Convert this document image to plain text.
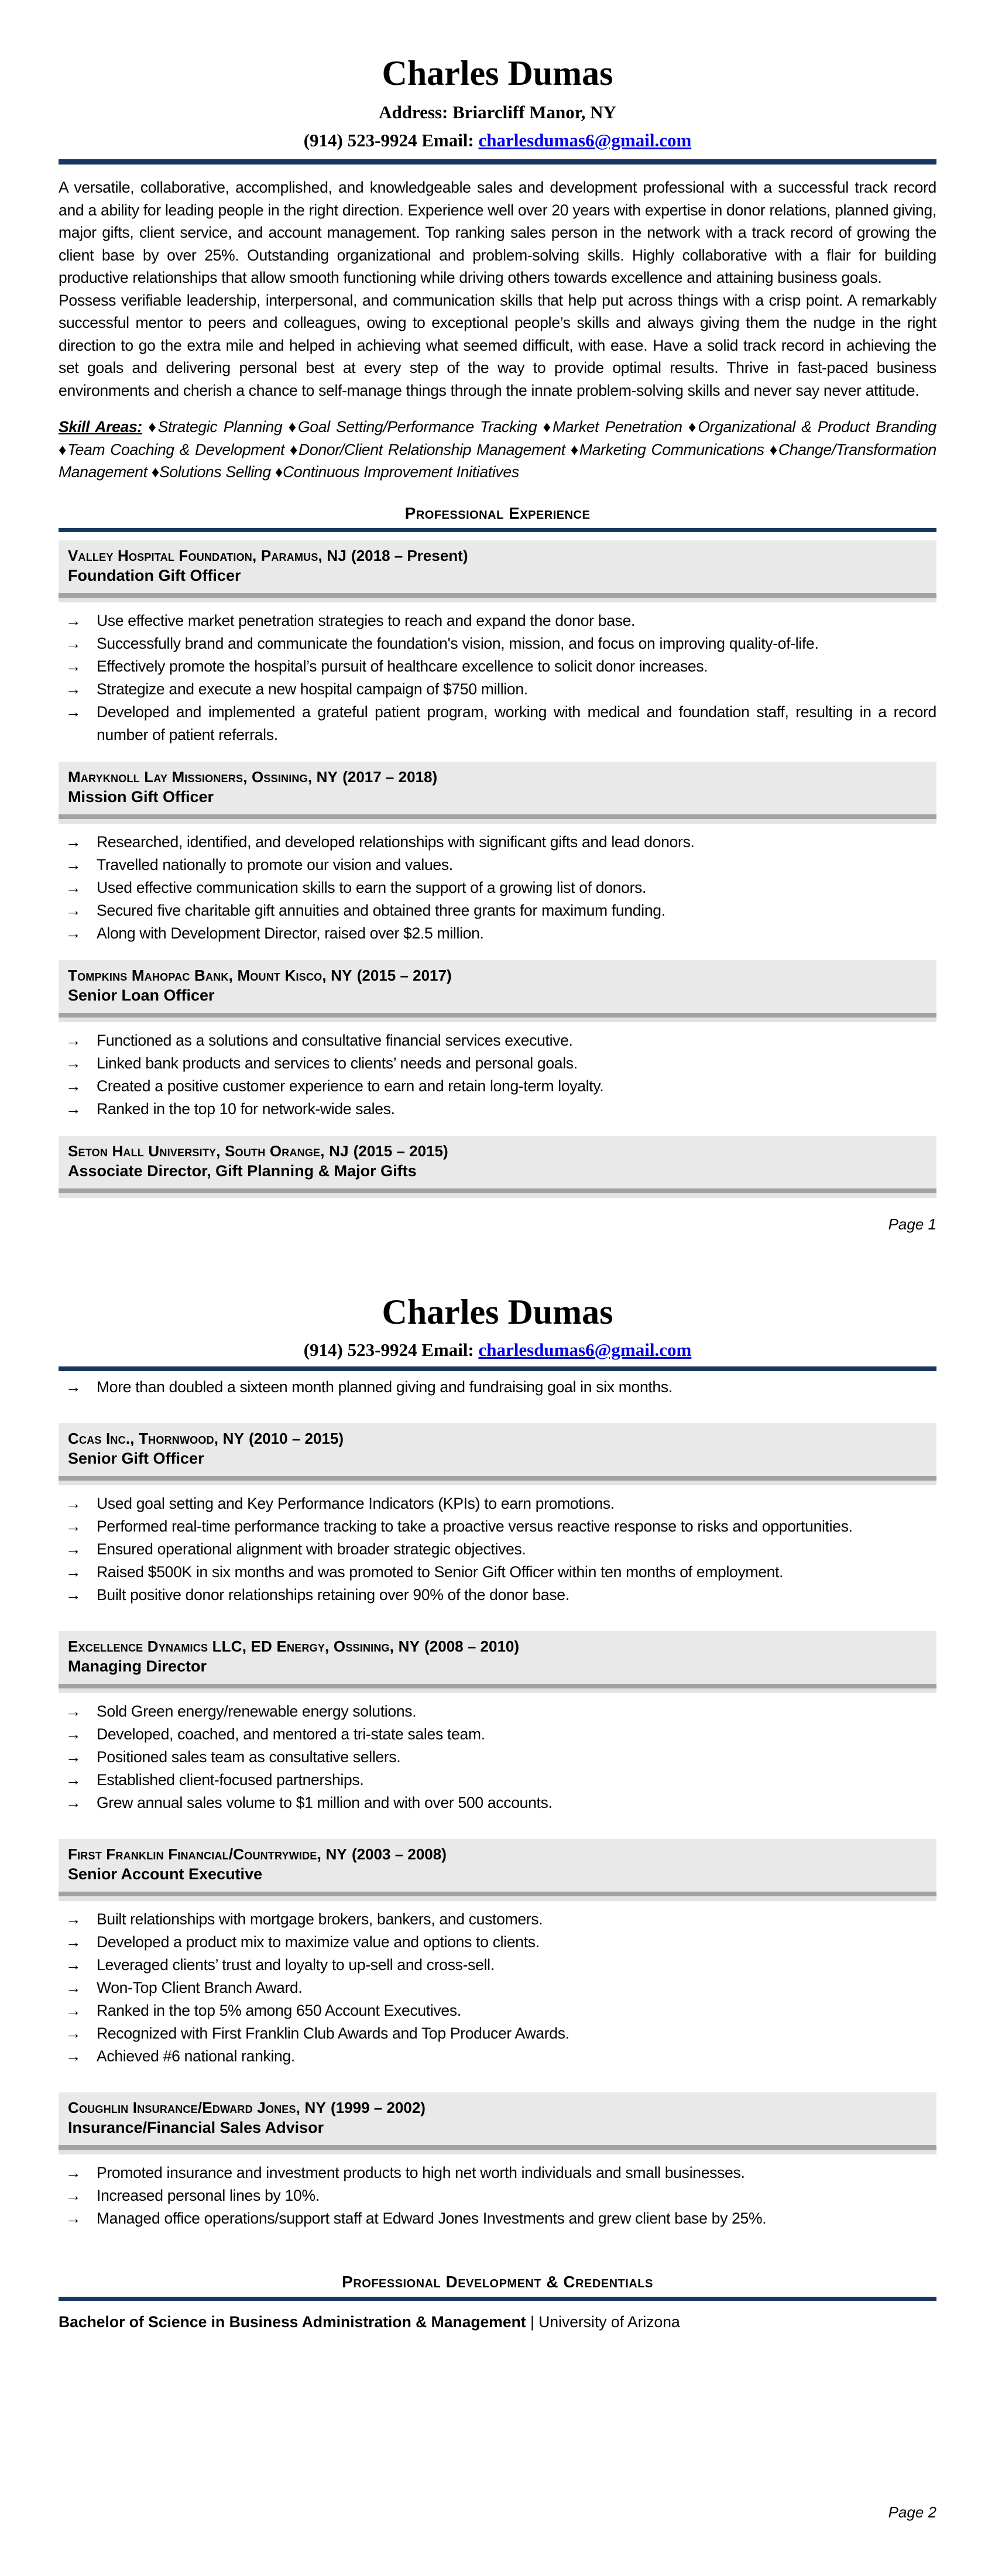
Charles Dumas
Address: Briarcliff Manor, NY
(914) 523-9924 Email: charlesdumas6@gmail.com

A versatile, collaborative, accomplished, and knowledgeable sales and development professional with a successful track record and a ability for leading people in the right direction. Experience well over 20 years with expertise in donor relations, planned giving, major gifts, client service, and account management. Top ranking sales person in the network with a track record of growing the client base by over 25%. Outstanding organizational and problem-solving skills. Highly collaborative with a flair for building productive relationships that allow smooth functioning while driving others towards excellence and attaining business goals.

Possess verifiable leadership, interpersonal, and communication skills that help put across things with a crisp point. A remarkably successful mentor to peers and colleagues, owing to exceptional people’s skills and always giving them the nudge in the right direction to go the extra mile and helped in achieving what seemed difficult, with ease. Have a solid track record in achieving the set goals and delivering personal best at every step of the way to provide optimal results. Thrive in fast-paced business environments and cherish a chance to self-manage things through the innate problem-solving skills and never say never attitude.

Skill Areas: ♦Strategic Planning ♦Goal Setting/Performance Tracking ♦Market Penetration ♦Organizational & Product Branding ♦Team Coaching & Development ♦Donor/Client Relationship Management ♦Marketing Communications ♦Change/Transformation Management ♦Solutions Selling ♦Continuous Improvement Initiatives
Professional Experience
Valley Hospital Foundation, Paramus, NJ (2018 – Present)
Foundation Gift Officer
→ Use effective market penetration strategies to reach and expand the donor base.
→ Successfully brand and communicate the foundation's vision, mission, and focus on improving quality-of-life.
→ Effectively promote the hospital’s pursuit of healthcare excellence to solicit donor increases.
→ Strategize and execute a new hospital campaign of $750 million.
→ Developed and implemented a grateful patient program, working with medical and foundation staff, resulting in a record number of patient referrals.
Maryknoll Lay Missioners, Ossining, NY (2017 – 2018)
Mission Gift Officer
→ Researched, identified, and developed relationships with significant gifts and lead donors.
→ Travelled nationally to promote our vision and values.
→ Used effective communication skills to earn the support of a growing list of donors.
→ Secured five charitable gift annuities and obtained three grants for maximum funding.
→ Along with Development Director, raised over $2.5 million.
Tompkins Mahopac Bank, Mount Kisco, NY (2015 – 2017)
Senior Loan Officer
→ Functioned as a solutions and consultative financial services executive.
→ Linked bank products and services to clients’ needs and personal goals.
→ Created a positive customer experience to earn and retain long-term loyalty.
→ Ranked in the top 10 for network-wide sales.
Seton Hall University, South Orange, NJ (2015 – 2015)
Associate Director, Gift Planning & Major Gifts
Page 1
Charles Dumas
(914) 523-9924 Email: charlesdumas6@gmail.com
→ More than doubled a sixteen month planned giving and fundraising goal in six months.
Ccas Inc., Thornwood, NY (2010 – 2015)
Senior Gift Officer
→ Used goal setting and Key Performance Indicators (KPIs) to earn promotions.
→ Performed real-time performance tracking to take a proactive versus reactive response to risks and opportunities.
→ Ensured operational alignment with broader strategic objectives.
→ Raised $500K in six months and was promoted to Senior Gift Officer within ten months of employment.
→ Built positive donor relationships retaining over 90% of the donor base.
Excellence Dynamics LLC, ED Energy, Ossining, NY (2008 – 2010)
Managing Director
→ Sold Green energy/renewable energy solutions.
→ Developed, coached, and mentored a tri-state sales team.
→ Positioned sales team as consultative sellers.
→ Established client-focused partnerships.
→ Grew annual sales volume to $1 million and with over 500 accounts.
First Franklin Financial/Countrywide, NY (2003 – 2008)
Senior Account Executive
→ Built relationships with mortgage brokers, bankers, and customers.
→ Developed a product mix to maximize value and options to clients.
→ Leveraged clients’ trust and loyalty to up-sell and cross-sell.
→ Won-Top Client Branch Award.
→ Ranked in the top 5% among 650 Account Executives.
→ Recognized with First Franklin Club Awards and Top Producer Awards.
→ Achieved #6 national ranking.
Coughlin Insurance/Edward Jones, NY (1999 – 2002)
Insurance/Financial Sales Advisor
→ Promoted insurance and investment products to high net worth individuals and small businesses.
→ Increased personal lines by 10%.
→ Managed office operations/support staff at Edward Jones Investments and grew client base by 25%.
Professional Development & Credentials
Bachelor of Science in Business Administration & Management | University of Arizona
Page 2
